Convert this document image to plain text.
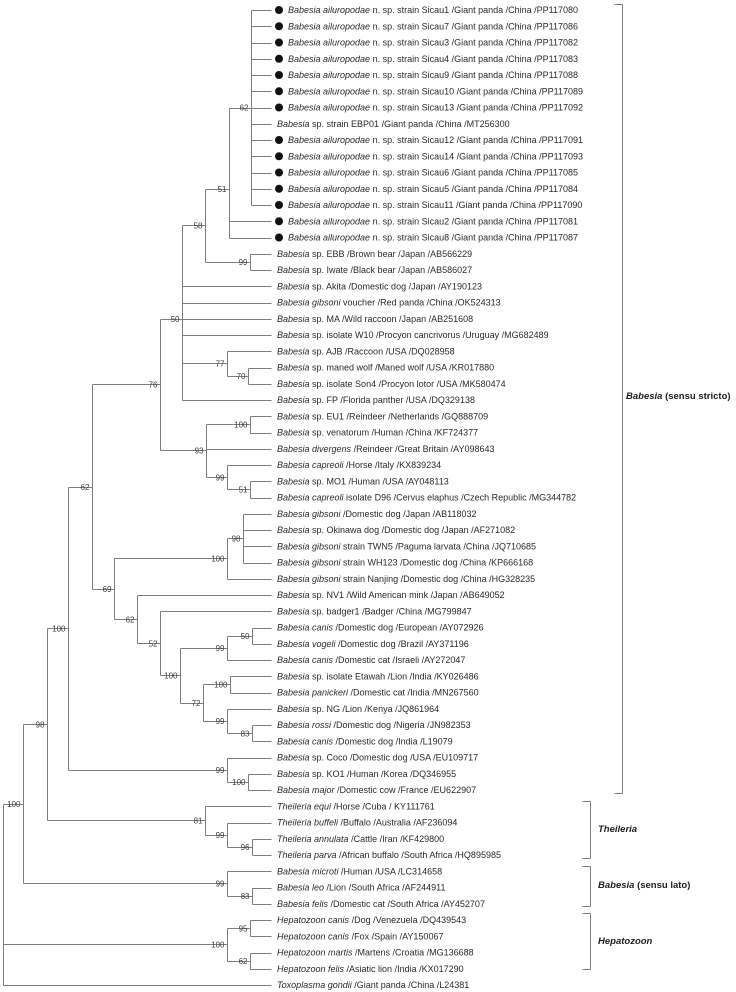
62
51
99
58
70
77
50
100
51
99
93
76
98
100
50
99
100
83
99
72
100
52
62
69
62
100
99
100
96
99
81
98
83
99
100
95
62
100
Babesia ailuropodae n. sp. strain Sicau1 /Giant panda /China /PP117080
Babesia ailuropodae n. sp. strain Sicau7 /Giant panda /China /PP117086
Babesia ailuropodae n. sp. strain Sicau3 /Giant panda /China /PP117082
Babesia ailuropodae n. sp. strain Sicau4 /Giant panda /China /PP117083
Babesia ailuropodae n. sp. strain Sicau9 /Giant panda /China /PP117088
Babesia ailuropodae n. sp. strain Sicau10 /Giant panda /China /PP117089
Babesia ailuropodae n. sp. strain Sicau13 /Giant panda /China /PP117092
Babesia sp. strain EBP01 /Giant panda /China /MT256300
Babesia ailuropodae n. sp. strain Sicau12 /Giant panda /China /PP117091
Babesia ailuropodae n. sp. strain Sicau14 /Giant panda /China /PP117093
Babesia ailuropodae n. sp. strain Sicau6 /Giant panda /China /PP117085
Babesia ailuropodae n. sp. strain Sicau5 /Giant panda /China /PP117084
Babesia ailuropodae n. sp. strain Sicau11 /Giant panda /China /PP117090
Babesia ailuropodae n. sp. strain Sicau2 /Giant panda /China /PP117081
Babesia ailuropodae n. sp. strain Sicau8 /Giant panda /China /PP117087
Babesia sp. EBB /Brown bear /Japan /AB566229
Babesia sp. Iwate /Black bear /Japan /AB586027
Babesia sp. Akita /Domestic dog /Japan /AY190123
Babesia gibsoni voucher /Red panda /China /OK524313
Babesia sp. MA /Wild raccoon /Japan /AB251608
Babesia sp. isolate W10 /Procyon cancrivorus /Uruguay /MG682489
Babesia sp. AJB /Raccoon /USA /DQ028958
Babesia sp. maned wolf /Maned wolf /USA /KR017880
Babesia sp. isolate Son4 /Procyon lotor /USA /MK580474
Babesia sp. FP /Florida panther /USA /DQ329138
Babesia sp. EU1 /Reindeer /Netherlands /GQ888709
Babesia sp. venatorum /Human /China /KF724377
Babesia divergens /Reindeer /Great Britain /AY098643
Babesia capreoli /Horse /Italy /KX839234
Babesia sp. MO1 /Human /USA /AY048113
Babesia capreoli isolate D96 /Cervus elaphus /Czech Republic /MG344782
Babesia gibsoni /Domestic dog /Japan /AB118032
Babesia sp. Okinawa dog /Domestic dog /Japan /AF271082
Babesia gibsoni strain TWN5 /Paguma larvata /China /JQ710685
Babesia gibsoni strain WH123 /Domestic dog /China /KP666168
Babesia gibsoni strain Nanjing /Domestic dog /China /HG328235
Babesia sp. NV1 /Wild American mink /Japan /AB649052
Babesia sp. badger1 /Badger /China /MG799847
Babesia canis /Domestic dog /European /AY072926
Babesia vogeli /Domestic dog /Brazil /AY371196
Babesia canis /Domestic cat /Israeli /AY272047
Babesia sp. isolate Etawah /Lion /India /KY026486
Babesia panickeri /Domestic cat /India /MN267560
Babesia sp. NG /Lion /Kenya /JQ861964
Babesia rossi /Domestic dog /Nigeria /JN982353
Babesia canis /Domestic dog /India /L19079
Babesia sp. Coco /Domestic dog /USA /EU109717
Babesia sp. KO1 /Human /Korea /DQ346955
Babesia major /Domestic cow /France /EU622907
Theileria equi /Horse /Cuba / KY111761
Theileria buffeli /Buffalo /Australia /AF236094
Theileria annulata /Cattle /Iran /KF429800
Theileria parva /African buffalo /South Africa /HQ895985
Babesia microti /Human /USA /LC314658
Babesia leo /Lion /South Africa /AF244911
Babesia felis /Domestic cat /South Africa /AY452707
Hepatozoon canis /Dog /Venezuela /DQ439543
Hepatozoon canis /Fox /Spain /AY150067
Hepatozoon martis /Martens /Croatia /MG136688
Hepatozoon felis /Asiatic lion /India /KX017290
Toxoplasma gondii /Giant panda /China /L24381
Babesia (sensu stricto)
Theileria
Babesia (sensu lato)
Hepatozoon
